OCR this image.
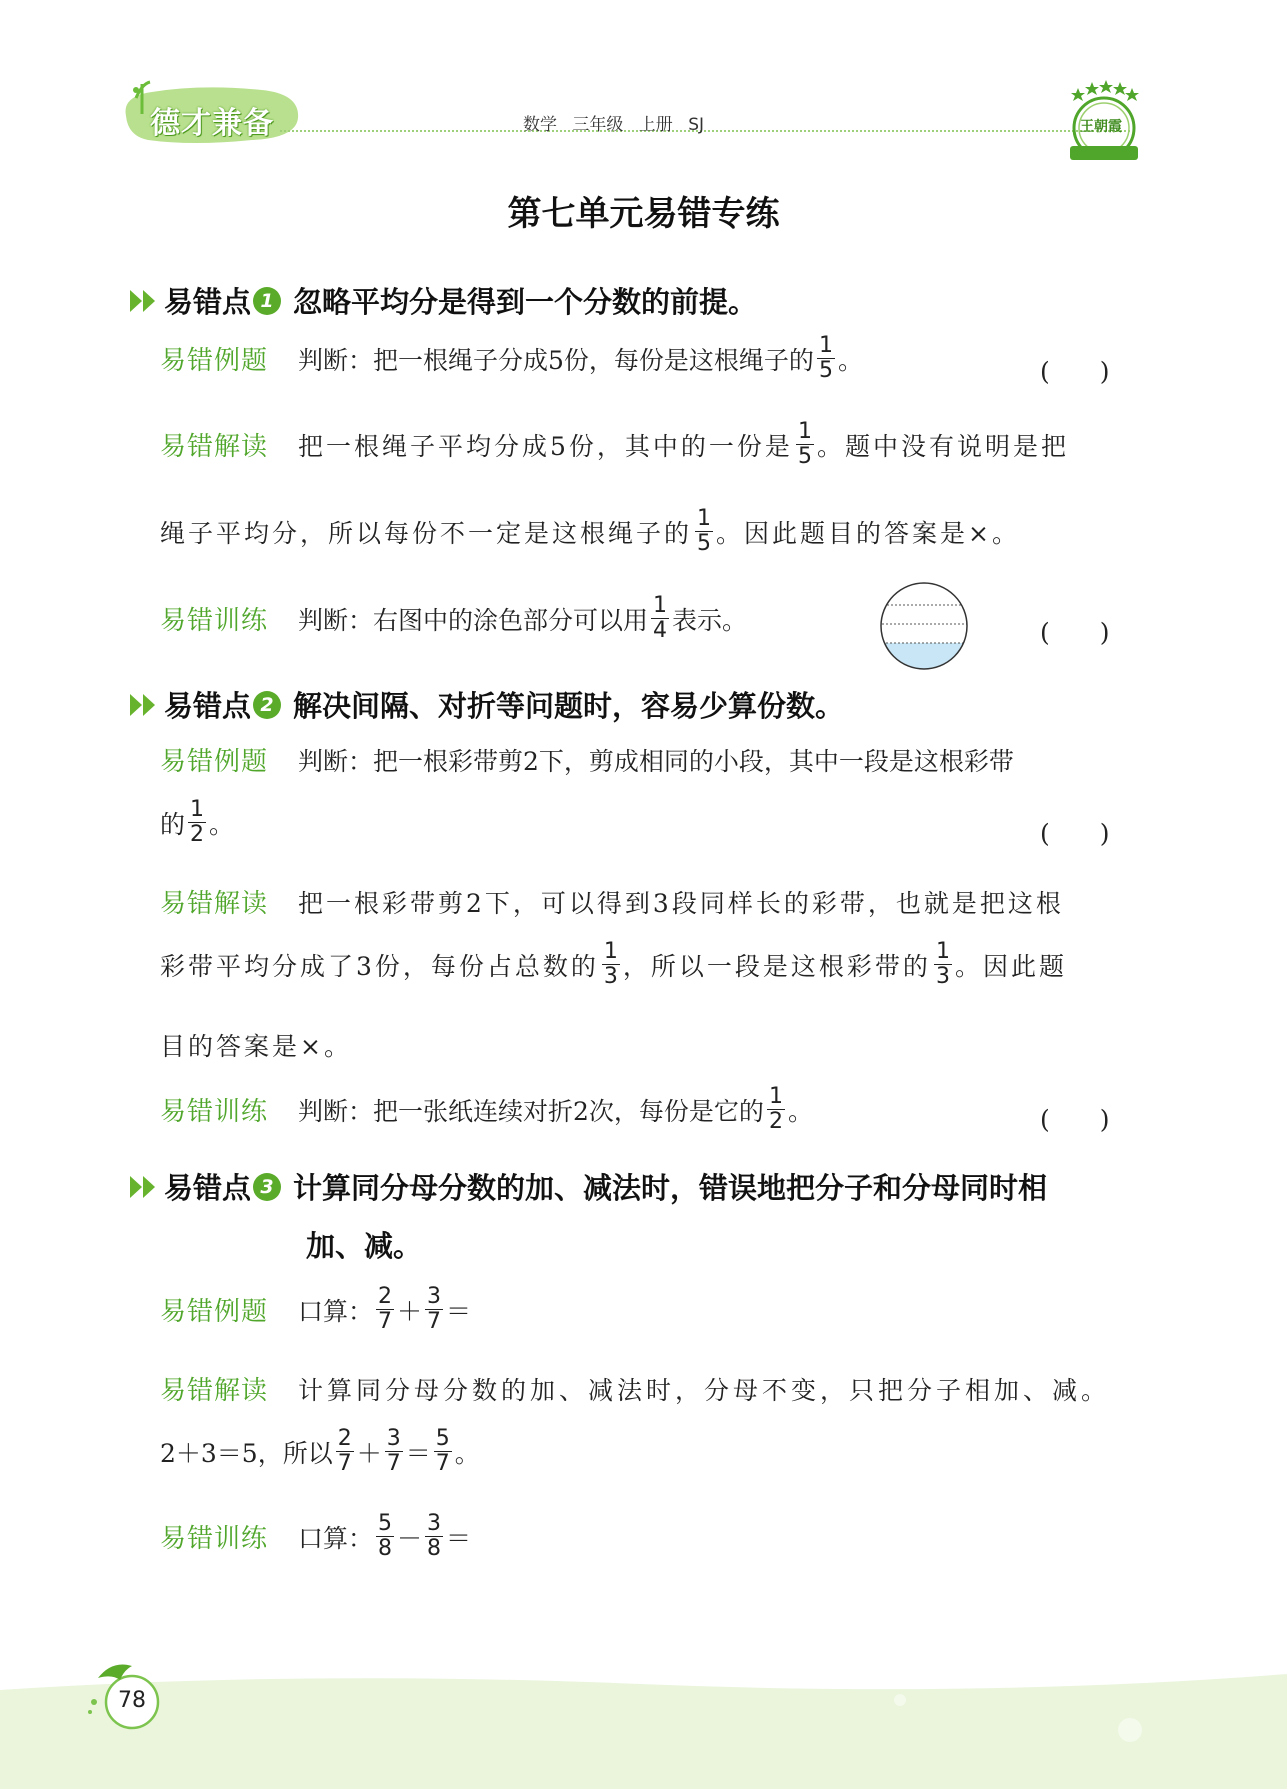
德才兼备	数学 三年级 上册 SJ	王朝霞
第七单元易错专练
易错点 1 忽略平均分是得到一个分数的前提。
易错例题 判断：把一根绳子分成5份，每份是这根绳子的 $\frac{1}{5}$ 。	(　　)
易错解读 把一根绳子平均分成5份，其中的一份是 $\frac{1}{5}$ 。题中没有说明是把
绳子平均分，所以每份不一定是这根绳子的 $\frac{1}{5}$ 。因此题目的答案是×。
易错训练 判断：右图中的涂色部分可以用 $\frac{1}{4}$ 表示。	(　　)
易错点 2 解决间隔、对折等问题时，容易少算份数。
易错例题 判断：把一根彩带剪2下，剪成相同的小段，其中一段是这根彩带
的 $\frac{1}{2}$ 。	(　　)
易错解读 把一根彩带剪2下，可以得到3段同样长的彩带，也就是把这根
彩带平均分成了3份，每份占总数的 $\frac{1}{3}$ ，所以一段是这根彩带的 $\frac{1}{3}$ 。因此题
目的答案是×。
易错训练 判断：把一张纸连续对折2次，每份是它的 $\frac{1}{2}$ 。	(　　)
易错点 3 计算同分母分数的加、减法时，错误地把分子和分母同时相
加、减。
易错例题 口算： $\frac{2}{7} + \frac{3}{7}$ ＝
易错解读 计算同分母分数的加、减法时，分母不变，只把分子相加、减。
2＋3＝5，所以 $\frac{2}{7} + \frac{3}{7} = \frac{5}{7}$ 。
易错训练 口算： $\frac{5}{8} - \frac{3}{8}$ ＝
78
